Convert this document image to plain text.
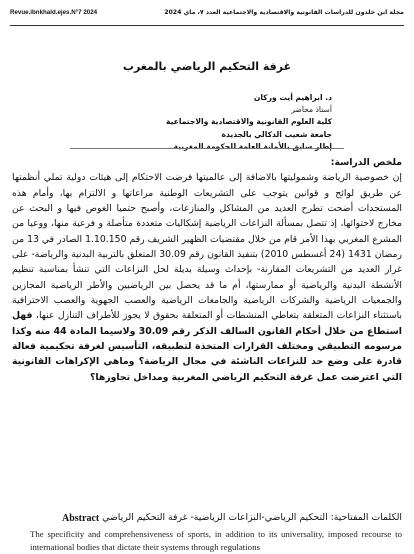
Revue.ibnkhald.ejes.N°7 2024	مجلة ابن خلدون للدراسات القانونية والاقتصادية والاجتماعية العدد ٧، ماي 2024
غرفة التحكيم الرياضي بالمغرب
د. ابراهيم أيت وركان
أستاذ محاضر
كلية العلوم القانونية والاقتصادية والاجتماعية
جامعة شعيب الدكالي بالجديدة
إطار سابق بالأمانة العامة للحكومة المغربية
ملخص الدراسة:
إن خصوصية الرياضة وشموليتها بالاضافة إلى عالميتها فرضت الاحتكام إلى هيئات دولية تملي أنظمتها عن طريق لوائح و قوانين يتوجب على التشريعات الوطنية مراعاتها و الالتزام بها، وأمام هذه المستجدات أضحت تطرح العديد من المشاكل والمنازعات، وأصبح حتميا الغوص فيها و البحث عن مخارج لاحتوائها، إذ تتصل بمسألة النزاعات الرياضية إشكاليات متعددة متأصلة و فرعية منها، ووعيا من المشرع المغربي بهذا الأمر قام من خلال مقتضيات الظهير الشريف رقم 1.10.150 الصادر في 13 من رمضان 1431 (24 أغسطس 2010) بتنفيذ القانون رقم 30.09 المتعلق بالتربية البدنية والرياضة- على غرار العديد من التشريعات المقارنة- بإحداث وسيلة بديلة لحل النزاعات التي تنشأ بمناسبة تنظيم الأنشطة البدنية والرياضية أو ممارستها، أم ما قد يحصل بين الرياضيين والأطر الرياضية المجازين والجمعيات الرياضية والشركات الرياضية والجامعات الرياضية والعصب الجهوية والعصب الاحترافية باستثناء النزاعات المتعلقة بتعاطي المنشطات أو المتعلقة بحقوق لا يجوز للأطراف التنازل عنها، فهل استطاع من خلال أحكام القانون السالف الذكر رقم 30.09 ولاسيما المادة 44 منه وكذا مرسومه التطبيقي ومختلف القرارات المتخذة لتطبيقه، التأسيس لغرفة تحكيمية فعالة قادرة على وضع حد للنزاعات الناشئة في مجال الرياضة؟ وماهي الإكراهات القانونية التي اعترضت عمل غرفة التحكيم الرياضي المغربية ومداخل تجاوزها؟
الكلمات المفتاحية: التحكيم الرياضي-النزاعات الرياضية- غرفة التحكيم الرياضي
Abstract
The specificity and comprehensiveness of sports, in addition to its universality, imposed recourse to international bodies that dictate their systems through regulations
